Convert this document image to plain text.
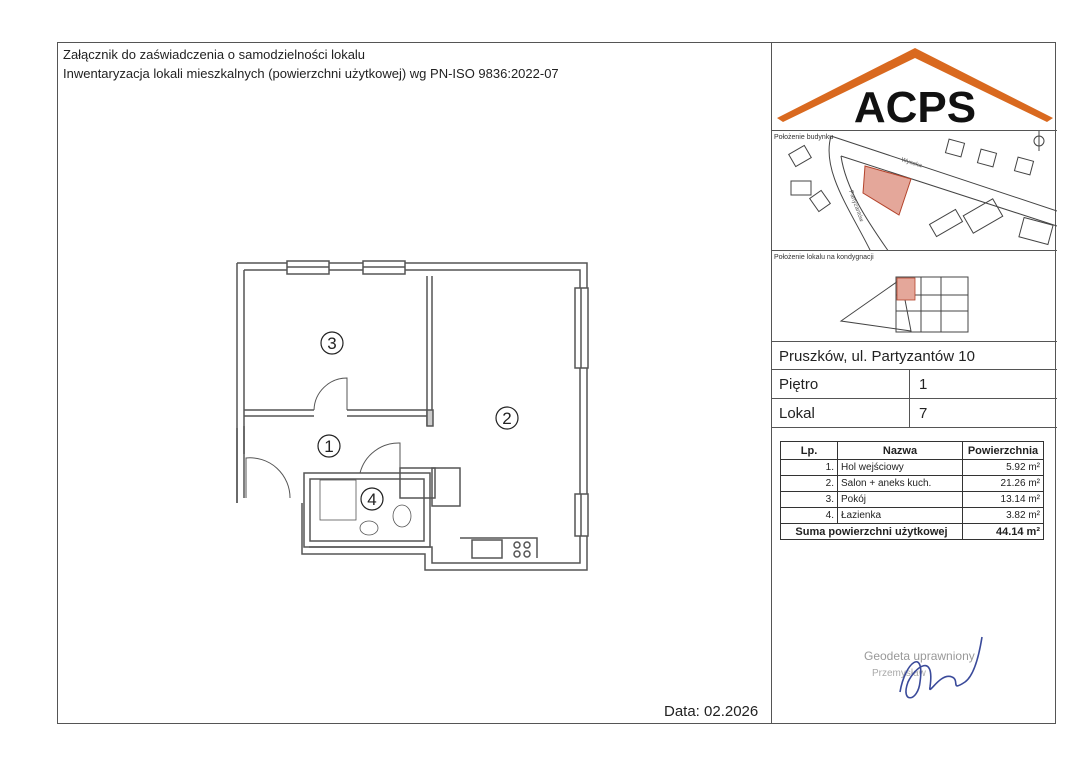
Załącznik do zaświadczenia o samodzielności lokalu
Inwentaryzacja lokali mieszkalnych (powierzchni użytkowej) wg PN-ISO 9836:2022-07
3
2
1
4
ACPS
Położenie budynku
Wysoka
Partyzantów
Położenie lokalu na kondygnacji
Pruszków, ul. Partyzantów 10
Piętro	1
Lokal	7
Lp.	Nazwa	Powierzchnia
1.	Hol wejściowy	5.92 m²
2.	Salon + aneks kuch.	21.26 m²
3.	Pokój	13.14 m²
4.	Łazienka	3.82 m²
Suma powierzchni użytkowej		44.14 m²
Geodeta uprawniony
Przemysław
Data: 02.2026
